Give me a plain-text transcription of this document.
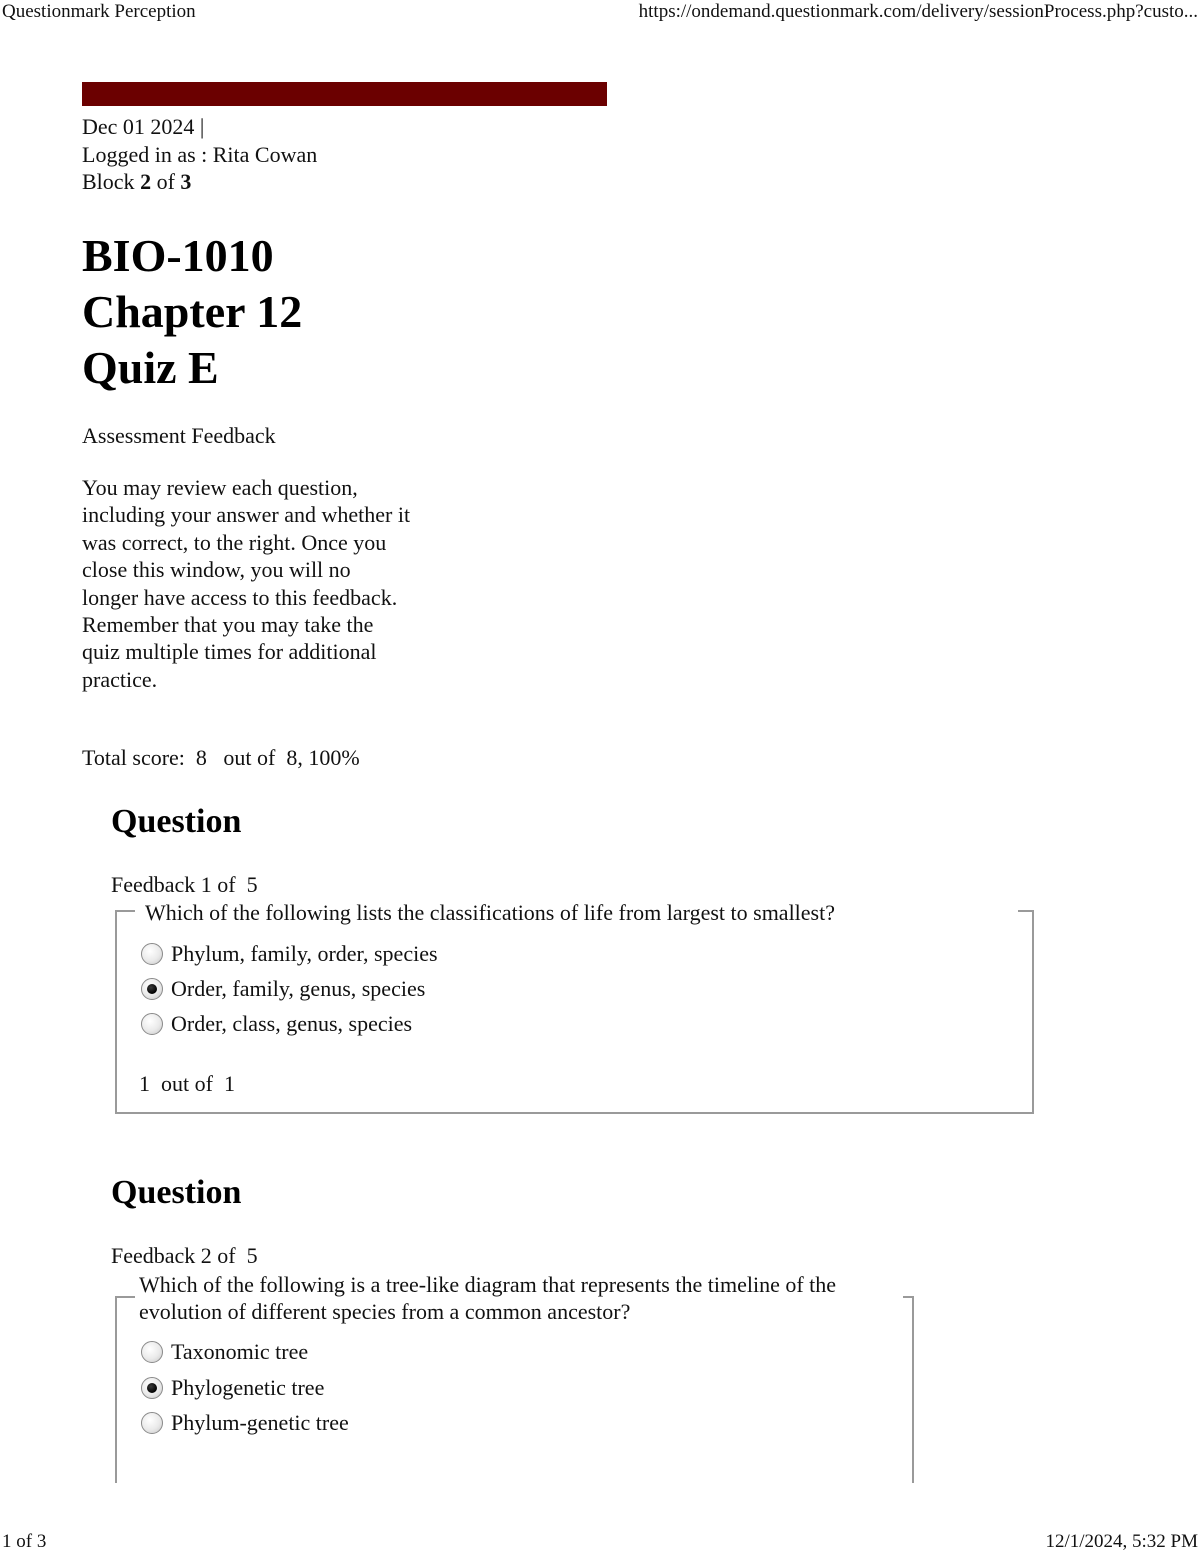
Questionmark Perception	https://ondemand.questionmark.com/delivery/sessionProcess.php?custo...
1 of 3	12/1/2024, 5:32 PM
Dec 01 2024 |
Logged in as : Rita Cowan
Block 2 of 3
BIO-1010
Chapter 12
Quiz E
Assessment Feedback

You may review each question, including your answer and whether it was correct, to the right. Once you close this window, you will no longer have access to this feedback. Remember that you may take the quiz multiple times for additional practice.

Total score:  8   out of  8, 100%
Question
Feedback 1 of  5

Which of the following lists the classifications of life from largest to smallest?

Phylum, family, order, species
Order, family, genus, species
Order, class, genus, species
1  out of  1
Question
Feedback 2 of  5

Which of the following is a tree-like diagram that represents the timeline of the evolution of different species from a common ancestor?

Taxonomic tree
Phylogenetic tree
Phylum-genetic tree
